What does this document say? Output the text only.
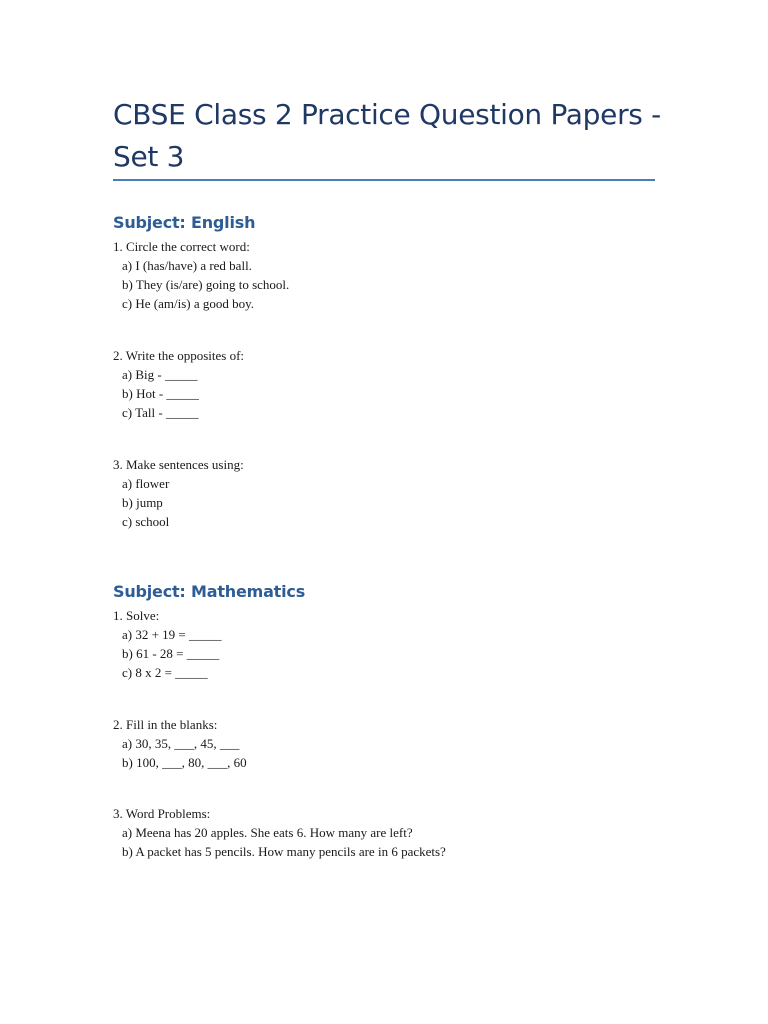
CBSE Class 2 Practice Question Papers - Set 3
Subject: English
1. Circle the correct word:
a) I (has/have) a red ball.
b) They (is/are) going to school.
c) He (am/is) a good boy.
2. Write the opposites of:
a) Big - _____
b) Hot - _____
c) Tall - _____
3. Make sentences using:
a) flower
b) jump
c) school
Subject: Mathematics
1. Solve:
a) 32 + 19 = _____
b) 61 - 28 = _____
c) 8 x 2 = _____
2. Fill in the blanks:
a) 30, 35, ___, 45, ___
b) 100, ___, 80, ___, 60
3. Word Problems:
a) Meena has 20 apples. She eats 6. How many are left?
b) A packet has 5 pencils. How many pencils are in 6 packets?
